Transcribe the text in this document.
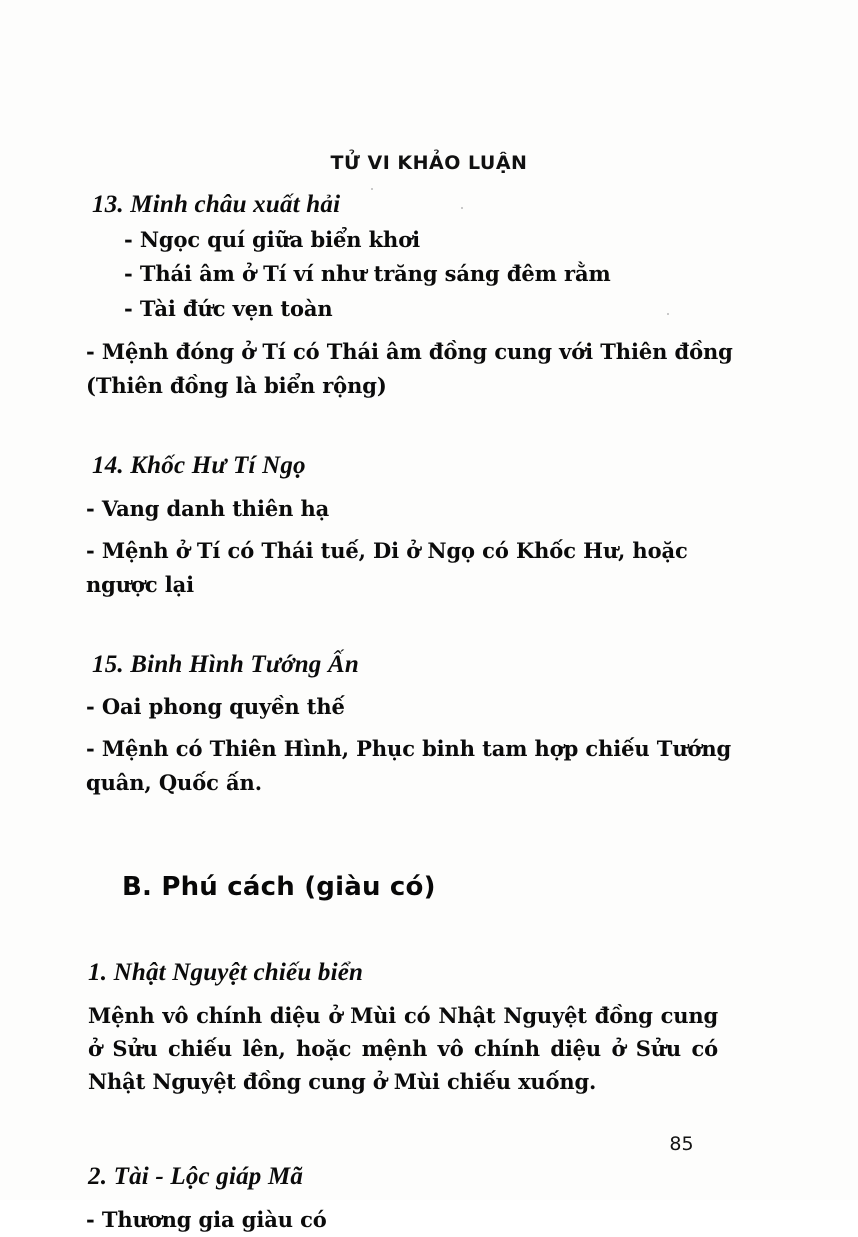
TỬ VI KHẢO LUẬN

13. Minh châu xuất hải

- Ngọc quí giữa biển khơi

- Thái âm ở Tí ví như trăng sáng đêm rằm

- Tài đức vẹn toàn

- Mệnh đóng ở Tí có Thái âm đồng cung với Thiên đồng (Thiên đồng là biển rộng)

14. Khốc Hư Tí Ngọ

- Vang danh thiên hạ

- Mệnh ở Tí có Thái tuế, Di ở Ngọ có Khốc Hư, hoặc ngược lại

15. Binh Hình Tướng Ấn

- Oai phong quyền thế

- Mệnh có Thiên Hình, Phục binh tam hợp chiếu Tướng quân, Quốc ấn.

B. Phú cách (giàu có)

1. Nhật Nguyệt chiếu biển

Mệnh vô chính diệu ở Mùi có Nhật Nguyệt đồng cung ở Sửu chiếu lên, hoặc mệnh vô chính diệu ở Sửu có Nhật Nguyệt đồng cung ở Mùi chiếu xuống.

2. Tài - Lộc giáp Mã

- Thương gia giàu có

85
